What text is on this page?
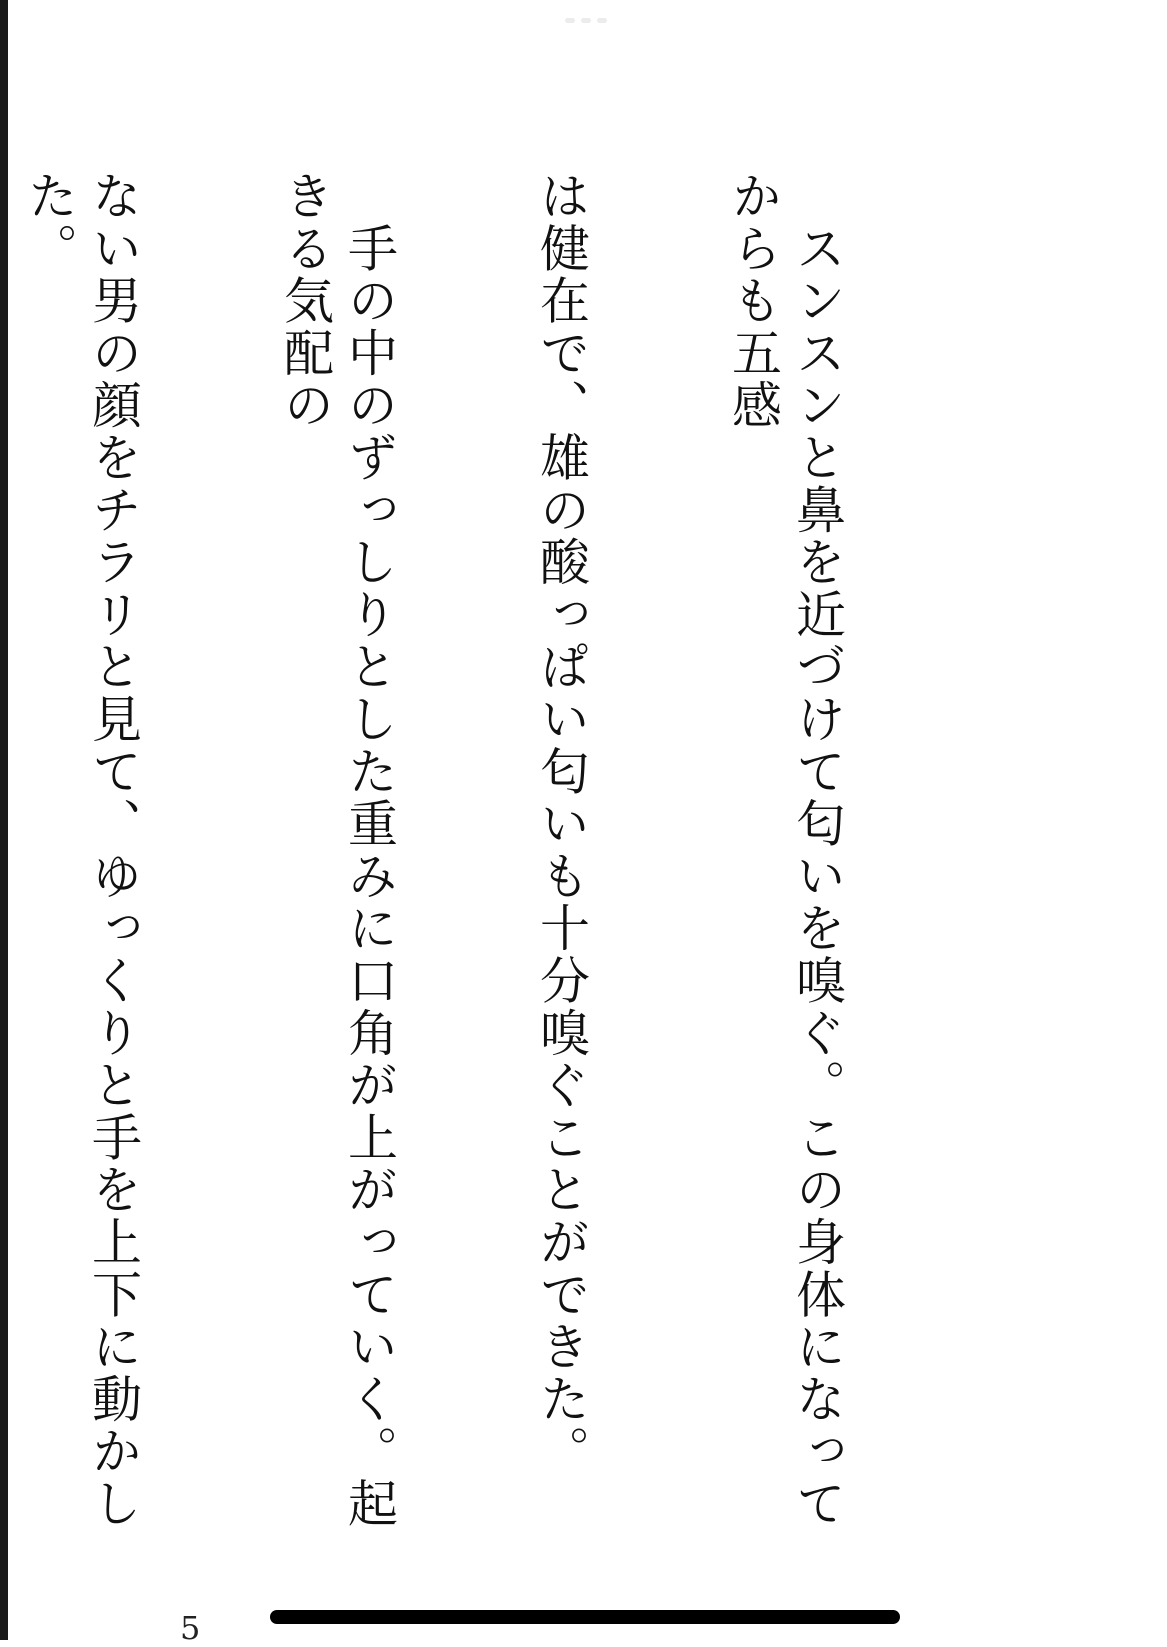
　スンスンと鼻を近づけて匂いを嗅ぐ。この身体になってからも五感

は健在で、雄の酸っぱい匂いも十分嗅ぐことができた。

　手の中のずっしりとした重みに口角が上がっていく。起きる気配の

ない男の顔をチラリと見て、ゆっくりと手を上下に動かした。

5
